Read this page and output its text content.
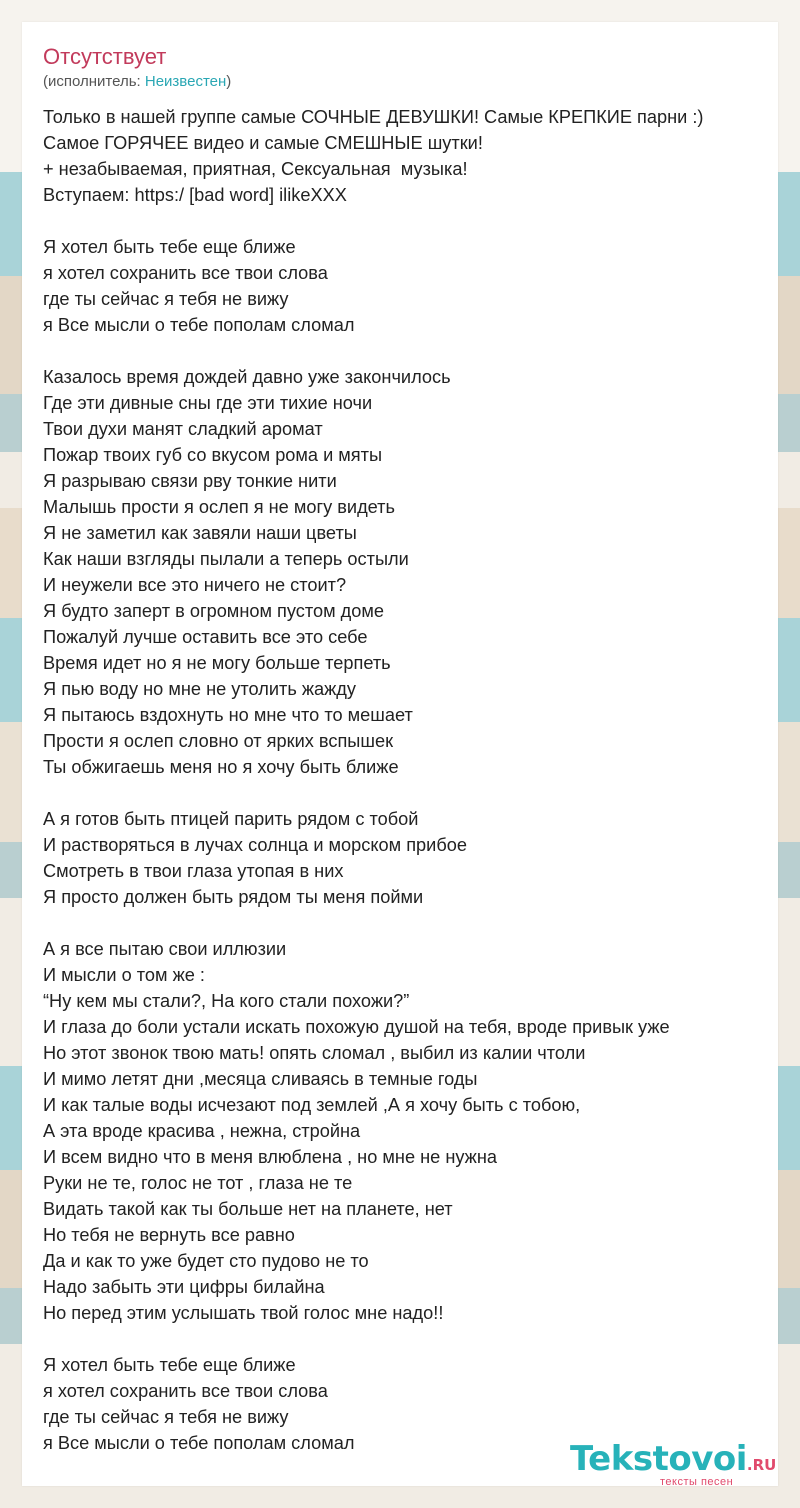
Отсутствует
(исполнитель: Неизвестен)
Только в нашей группе самые СОЧНЫЕ ДЕВУШКИ! Самые КРЕПКИЕ парни :)
Самое ГОРЯЧЕЕ видео и самые СМЕШНЫЕ шутки!
+ незабываемая, приятная, Сексуальная  музыка!
Вступаем: https:/ [bad word] ilikeXXX
Я хотел быть тебе еще ближе
я хотел сохранить все твои слова
где ты сейчас я тебя не вижу
я Все мысли о тебе пополам сломал
Казалось время дождей давно уже закончилось
Где эти дивные сны где эти тихие ночи
Твои духи манят сладкий аромат
Пожар твоих губ со вкусом рома и мяты
Я разрываю связи рву тонкие нити
Малышь прости я ослеп я не могу видеть
Я не заметил как завяли наши цветы
Как наши взгляды пылали а теперь остыли
И неужели все это ничего не стоит?
Я будто заперт в огромном пустом доме
Пожалуй лучше оставить все это себе
Время идет но я не могу больше терпеть
Я пью воду но мне не утолить жажду
Я пытаюсь вздохнуть но мне что то мешает
Прости я ослеп словно от ярких вспышек
Ты обжигаешь меня но я хочу быть ближе
А я готов быть птицей парить рядом с тобой
И растворяться в лучах солнца и морском прибое
Смотреть в твои глаза утопая в них
Я просто должен быть рядом ты меня пойми
А я все пытаю свои иллюзии
И мысли о том же :
“Ну кем мы стали?, На кого стали похожи?”
И глаза до боли устали искать похожую душой на тебя, вроде привык уже
Но этот звонок твою мать! опять сломал , выбил из калии чтоли
И мимо летят дни ,месяца сливаясь в темные годы
И как талые воды исчезают под землей ,А я хочу быть с тобою,
А эта вроде красива , нежна, стройна
И всем видно что в меня влюблена , но мне не нужна
Руки не те, голос не тот , глаза не те
Видать такой как ты больше нет на планете, нет
Но тебя не вернуть все равно
Да и как то уже будет сто пудово не то
Надо забыть эти цифры билайна
Но перед этим услышать твой голос мне надо!!
Я хотел быть тебе еще ближе
я хотел сохранить все твои слова
где ты сейчас я тебя не вижу
я Все мысли о тебе пополам сломал	Tekstovoi.RU
тексты песен
